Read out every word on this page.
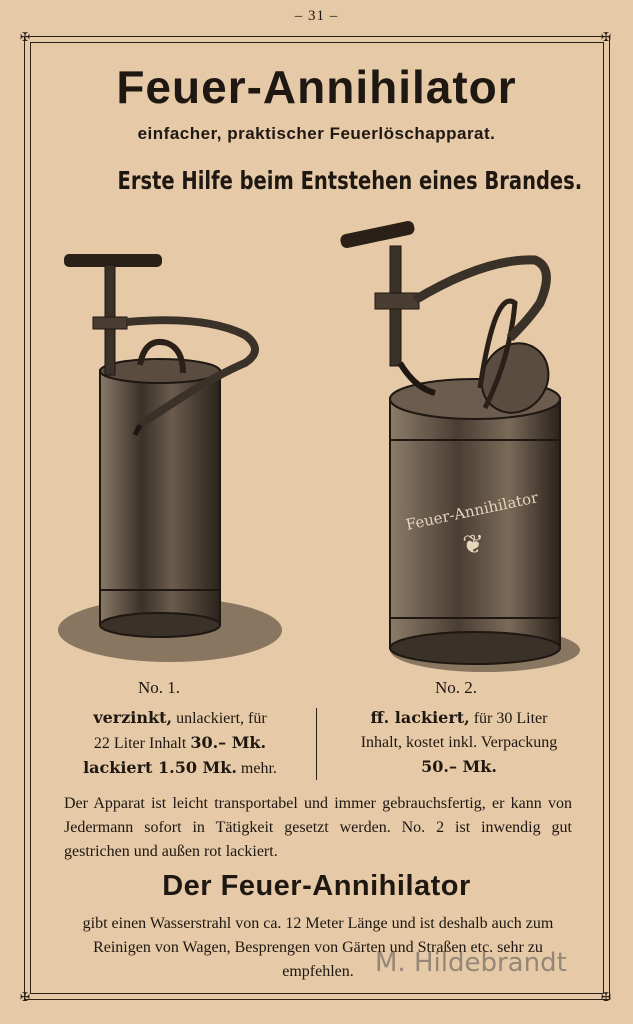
– 31 –
✠	✠
✠	✠
Feuer-Annihilator
einfacher, praktischer Feuerlöschapparat.
Erste Hilfe beim Entstehen eines Brandes.
Feuer-Annihilator
❦
No. 1.	No. 2.
verzinkt, unlackiert, für
22 Liter Inhalt 30.– Mk.
lackiert 1.50 Mk. mehr.
ff. lackiert, für 30 Liter
Inhalt, kostet inkl. Verpackung
50.– Mk.
Der Apparat ist leicht transportabel und immer gebrauchsfertig, er kann von Jedermann sofort in Tätigkeit gesetzt werden. No. 2 ist inwendig gut gestrichen und außen rot lackiert.
Der Feuer-Annihilator
gibt einen Wasserstrahl von ca. 12 Meter Länge und ist deshalb auch zum Reinigen von Wagen, Besprengen von Gärten und Straßen etc. sehr zu empfehlen. M. Hildebrandt
